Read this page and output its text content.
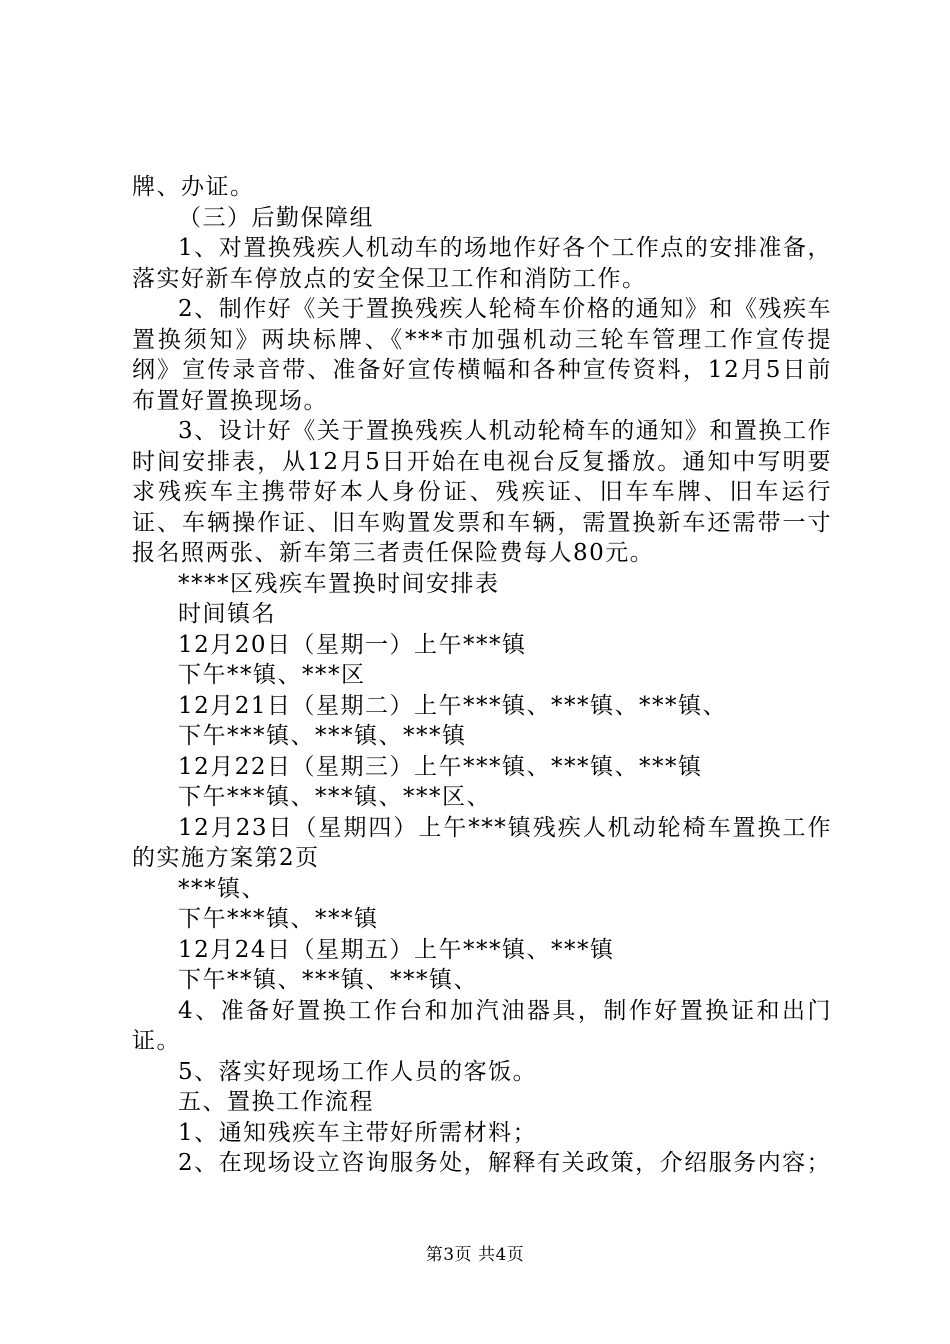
牌、办证。

（三）后勤保障组

1、对置换残疾人机动车的场地作好各个工作点的安排准备，落实好新车停放点的安全保卫工作和消防工作。

2、制作好《关于置换残疾人轮椅车价格的通知》和《残疾车置换须知》两块标牌、《***市加强机动三轮车管理工作宣传提纲》宣传录音带、准备好宣传横幅和各种宣传资料，12月5日前布置好置换现场。

3、设计好《关于置换残疾人机动轮椅车的通知》和置换工作时间安排表，从12月5日开始在电视台反复播放。通知中写明要求残疾车主携带好本人身份证、残疾证、旧车车牌、旧车运行证、车辆操作证、旧车购置发票和车辆，需置换新车还需带一寸报名照两张、新车第三者责任保险费每人80元。

****区残疾车置换时间安排表

时间镇名

12月20日（星期一）上午***镇

下午**镇、***区

12月21日（星期二）上午***镇、***镇、***镇、

下午***镇、***镇、***镇

12月22日（星期三）上午***镇、***镇、***镇

下午***镇、***镇、***区、

12月23日（星期四）上午***镇残疾人机动轮椅车置换工作的实施方案第2页

***镇、

下午***镇、***镇

12月24日（星期五）上午***镇、***镇

下午**镇、***镇、***镇、

4、准备好置换工作台和加汽油器具，制作好置换证和出门证。

5、落实好现场工作人员的客饭。

五、置换工作流程

1、通知残疾车主带好所需材料；

2、在现场设立咨询服务处，解释有关政策，介绍服务内容；

第3页 共4页
